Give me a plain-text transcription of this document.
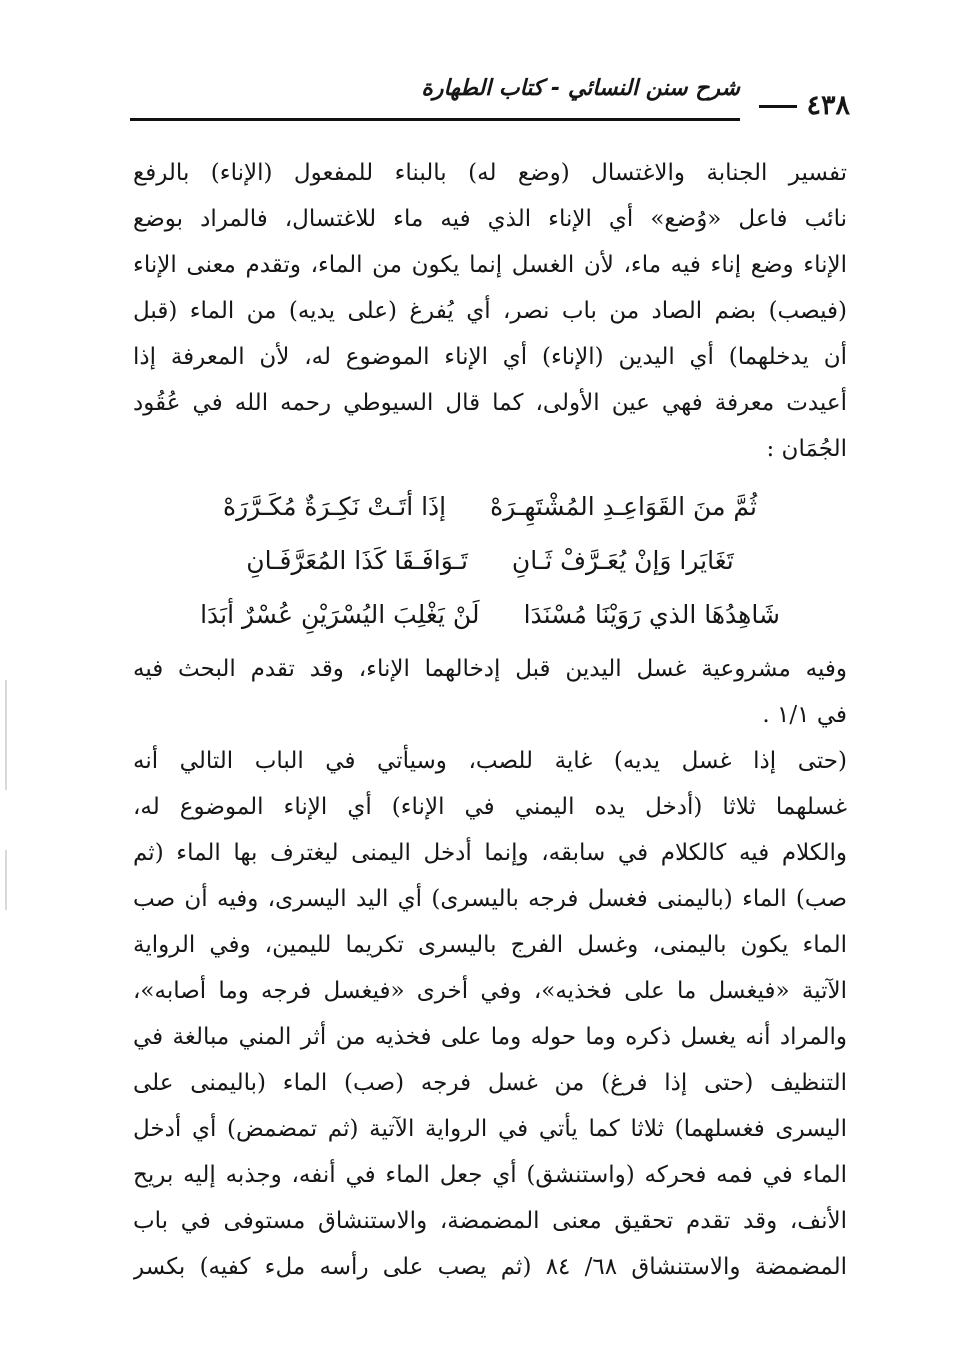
٤٣٨
شرح سنن النسائي - كتاب الطهارة
تفسير الجنابة والاغتسال (وضع له) بالبناء للمفعول (الإناء) بالرفع
نائب فاعل «وُضع» أي الإناء الذي فيه ماء للاغتسال، فالمراد بوضع
الإناء وضع إناء فيه ماء، لأن الغسل إنما يكون من الماء، وتقدم معنى الإناء
(فيصب) بضم الصاد من باب نصر، أي يُفرغ (على يديه) من الماء (قبل
أن يدخلهما) أي اليدين (الإناء) أي الإناء الموضوع له، لأن المعرفة إذا
أعيدت معرفة فهي عين الأولى، كما قال السيوطي رحمه الله في عُقُود
الجُمَان :
ثُمَّ منَ القَوَاعِـدِ المُشْتَهِـرَهْ
إذَا أتَـتْ نَكِـرَةٌ مُكَـرَّرَهْ
تَغَايَرا وَإنْ يُعَـرَّفْ ثَـانِ
تَـوَافَـقَا كَذَا المُعَرَّفَـانِ
شَاهِدُهَا الذي رَوَيْنَا مُسْنَدَا
لَنْ يَغْلِبَ اليُسْرَيْنِ عُسْرٌ أبَدَا
وفيه مشروعية غسل اليدين قبل إدخالهما الإناء، وقد تقدم البحث فيه
في ١/١ .
(حتى إذا غسل يديه) غاية للصب، وسيأتي في الباب التالي أنه
غسلهما ثلاثا (أدخل يده اليمني في الإناء) أي الإناء الموضوع له،
والكلام فيه كالكلام في سابقه، وإنما أدخل اليمنى ليغترف بها الماء (ثم
صب) الماء (باليمنى فغسل فرجه باليسرى) أي اليد اليسرى، وفيه أن صب
الماء يكون باليمنى، وغسل الفرج باليسرى تكريما لليمين، وفي الرواية
الآتية «فيغسل ما على فخذيه»، وفي أخرى «فيغسل فرجه وما أصابه»،
والمراد أنه يغسل ذكره وما حوله وما على فخذيه من أثر المني مبالغة في
التنظيف (حتى إذا فرغ) من غسل فرجه (صب) الماء (باليمنى على
اليسرى فغسلهما) ثلاثا كما يأتي في الرواية الآتية (ثم تمضمض) أي أدخل
الماء في فمه فحركه (واستنشق) أي جعل الماء في أنفه، وجذبه إليه بريح
الأنف، وقد تقدم تحقيق معنى المضمضة، والاستنشاق مستوفى في باب
المضمضة والاستنشاق ٦٨/ ٨٤ (ثم يصب على رأسه ملء كفيه) بكسر
